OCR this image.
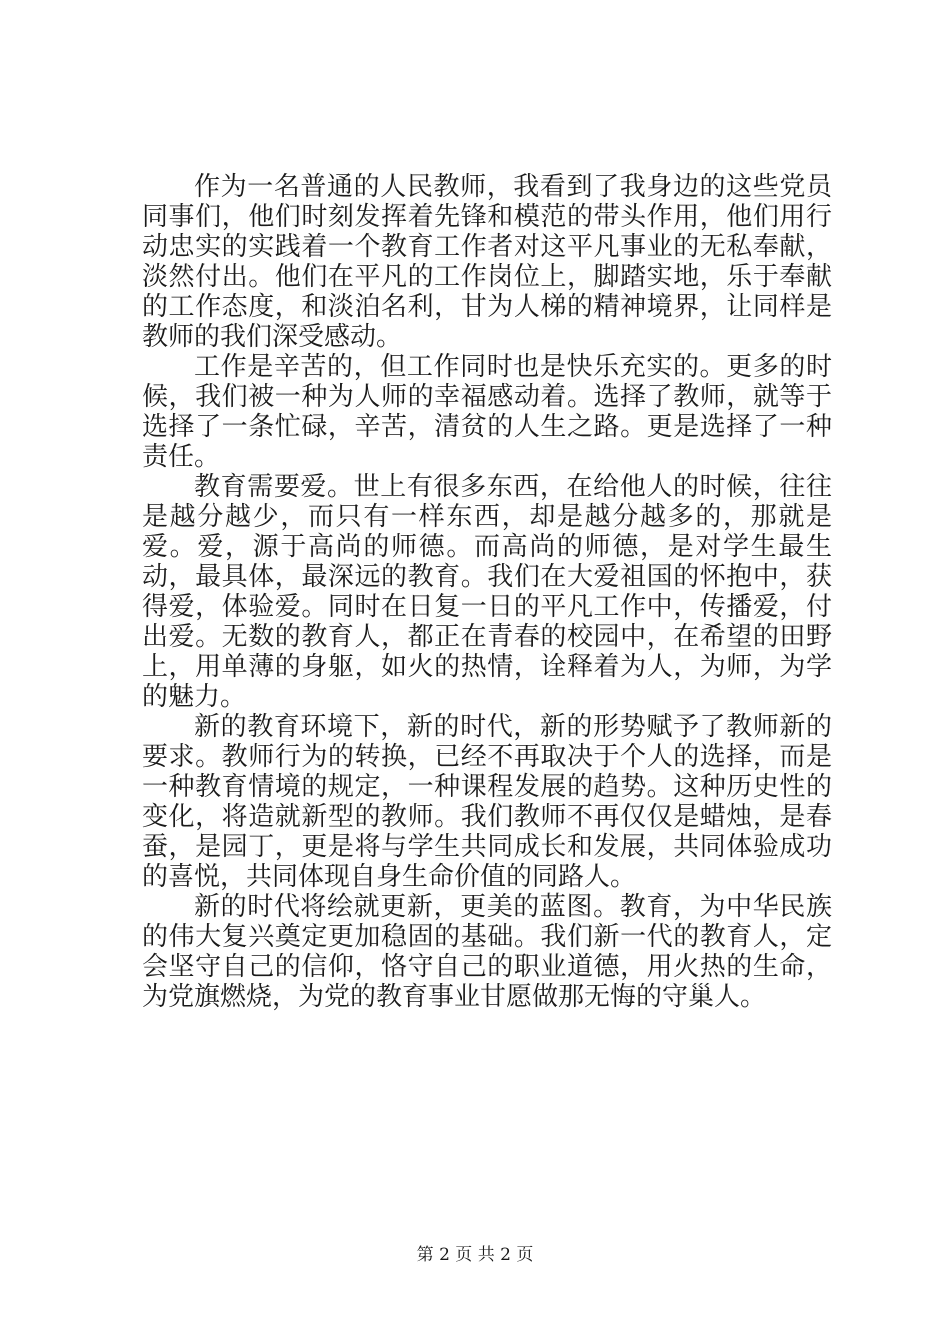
作为一名普通的人民教师，我看到了我身边的这些党员同事们，他们时刻发挥着先锋和模范的带头作用，他们用行动忠实的实践着一个教育工作者对这平凡事业的无私奉献，淡然付出。他们在平凡的工作岗位上，脚踏实地，乐于奉献的工作态度，和淡泊名利，甘为人梯的精神境界，让同样是教师的我们深受感动。

工作是辛苦的，但工作同时也是快乐充实的。更多的时候，我们被一种为人师的幸福感动着。选择了教师，就等于选择了一条忙碌，辛苦，清贫的人生之路。更是选择了一种责任。

教育需要爱。世上有很多东西，在给他人的时候，往往是越分越少，而只有一样东西，却是越分越多的，那就是爱。爱，源于高尚的师德。而高尚的师德，是对学生最生动，最具体，最深远的教育。我们在大爱祖国的怀抱中，获得爱，体验爱。同时在日复一日的平凡工作中，传播爱，付出爱。无数的教育人，都正在青春的校园中，在希望的田野上，用单薄的身躯，如火的热情，诠释着为人，为师，为学的魅力。

新的教育环境下，新的时代，新的形势赋予了教师新的要求。教师行为的转换，已经不再取决于个人的选择，而是一种教育情境的规定，一种课程发展的趋势。这种历史性的变化，将造就新型的教师。我们教师不再仅仅是蜡烛，是春蚕，是园丁，更是将与学生共同成长和发展，共同体验成功的喜悦，共同体现自身生命价值的同路人。

新的时代将绘就更新，更美的蓝图。教育，为中华民族的伟大复兴奠定更加稳固的基础。我们新一代的教育人，定会坚守自己的信仰，恪守自己的职业道德，用火热的生命，为党旗燃烧，为党的教育事业甘愿做那无悔的守巢人。

第 2 页 共 2 页
